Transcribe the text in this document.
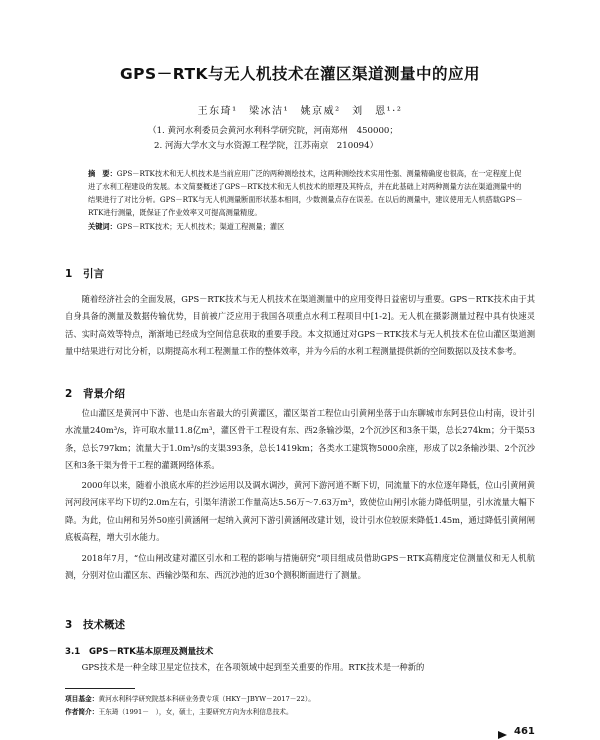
GPS－RTK与无人机技术在灌区渠道测量中的应用
王东琦¹　梁冰洁¹　姚京威²　刘　恩¹·²
（1. 黄河水利委员会黄河水利科学研究院，河南郑州　450000；
2. 河海大学水文与水资源工程学院，江苏南京　210094）
摘　要：GPS－RTK技术和无人机技术是当前应用广泛的两种测绘技术，这两种测绘技术实用性强、测量精确度也很高，在一定程度上促进了水利工程建设的发展。本文简要概述了GPS－RTK技术和无人机技术的原理及其特点，并在此基础上对两种测量方法在渠道测量中的结果进行了对比分析。GPS－RTK与无人机测量断面形状基本相同，少数测量点存在误差。在以后的测量中，建议使用无人机搭载GPS－RTK进行测量，既保证了作业效率又可提高测量精度。
关键词：GPS－RTK技术；无人机技术；渠道工程测量；灌区
1 引言

随着经济社会的全面发展，GPS－RTK技术与无人机技术在渠道测量中的应用变得日益密切与重要。GPS－RTK技术由于其自身具备的测量及数据传输优势，目前被广泛应用于我国各项重点水利工程项目中[1-2]。无人机在摄影测量过程中具有快速灵活、实时高效等特点，渐渐地已经成为空间信息获取的重要手段。本文拟通过对GPS－RTK技术与无人机技术在位山灌区渠道测量中结果进行对比分析，以期提高水利工程测量工作的整体效率，并为今后的水利工程测量提供新的空间数据以及技术参考。

2 背景介绍

位山灌区是黄河中下游、也是山东省最大的引黄灌区，灌区渠首工程位山引黄闸坐落于山东聊城市东阿县位山村南，设计引水流量240m³/s，许可取水量11.8亿m³，灌区骨干工程设有东、西2条输沙渠，2个沉沙区和3条干渠，总长274km；分干渠53条，总长797km；流量大于1.0m³/s的支渠393条，总长1419km；各类水工建筑物5000余座，形成了以2条输沙渠、2个沉沙区和3条干渠为骨干工程的灌溉网络体系。

2000年以来，随着小浪底水库的拦沙运用以及调水调沙，黄河下游河道不断下切，同流量下的水位逐年降低，位山引黄闸黄河河段河床平均下切约2.0m左右，引渠年清淤工作量高达5.56万～7.63万m³，致使位山闸引水能力降低明显，引水流量大幅下降。为此，位山闸和另外50座引黄涵闸一起纳入黄河下游引黄涵闸改建计划，设计引水位较原来降低1.45m，通过降低引黄闸闸底板高程，增大引水能力。

2018年7月，“位山闸改建对灌区引水和工程的影响与措施研究”项目组成员借助GPS－RTK高精度定位测量仪和无人机航测，分别对位山灌区东、西输沙渠和东、西沉沙池的近30个测积断面进行了测量。

3 技术概述
3.1 GPS－RTK基本原理及测量技术

GPS技术是一种全球卫星定位技术，在各项领域中起到至关重要的作用。RTK技术是一种新的

项目基金：黄河水利科学研究院基本科研业务费专项（HKY－JBYW－2017－22）。
作者简介：王东琦（1991－　），女，硕士，主要研究方向为水利信息技术。
461
